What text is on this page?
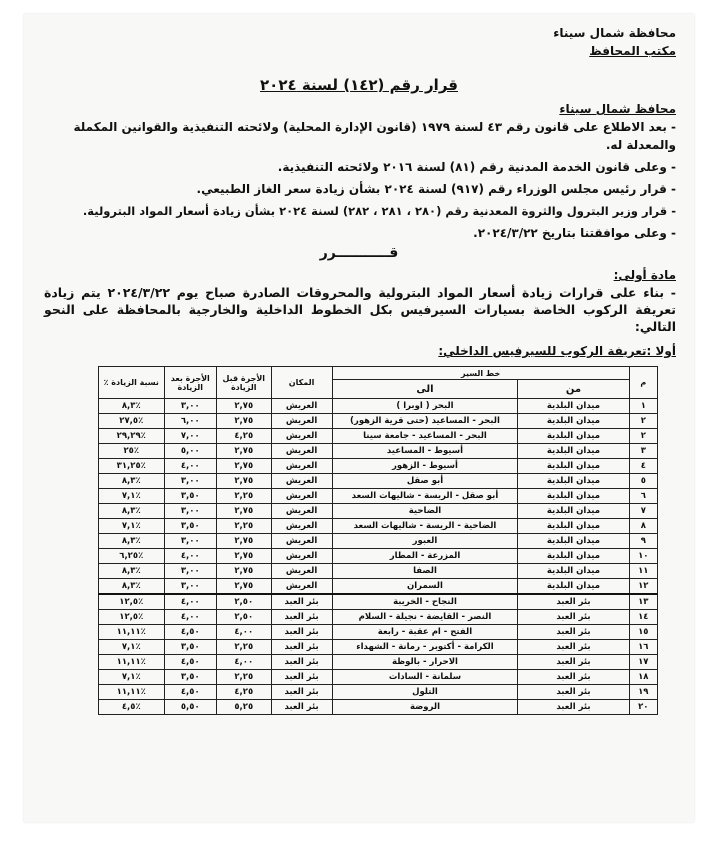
محافظة شمال سيناء
مكتب المحافظ
قرار رقم (١٤٢) لسنة ٢٠٢٤
محافظ شمال سيناء
- بعد الاطلاع على قانون رقم ٤٣ لسنة ١٩٧٩ (قانون الإدارة المحلية) ولائحته التنفيذية والقوانين المكملة
والمعدلة له.
- وعلى قانون الخدمة المدنية رقم (٨١) لسنة ٢٠١٦ ولائحته التنفيذية.
- قرار رئيس مجلس الوزراء رقم (٩١٧) لسنة ٢٠٢٤ بشأن زيادة سعر الغاز الطبيعي.
- قرار وزير البترول والثروة المعدنية رقم (٢٨٠ ، ٢٨١ ، ٢٨٢) لسنة ٢٠٢٤ بشأن زيادة أسعار المواد البترولية.
- وعلى موافقتنا بتاريخ ٢٠٢٤/٣/٢٢.
قـــــــــــرر
مادة أولى:
- بناء على قرارات زيادة أسعار المواد البترولية والمحروقات الصادرة صباح يوم ٢٠٢٤/٣/٢٢ يتم زيادة تعريفة الركوب الخاصة بسيارات السيرفيس بكل الخطوط الداخلية والخارجية بالمحافظة على النحو التالي:
أولا :تعريفة الركوب للسيرفيس الداخلي:
م	خط السير		المكان	الأجرة قبل الزيادة	الأجرة بعد الزيادة	نسبة الزيادة ٪
	من	الى				
١	ميدان البلدية	البحر ( اوبرا )	العريش	٢,٧٥	٣,٠٠	٪٨,٣
٢	ميدان البلدية	البحر - المساعيد (حتى قرية الزهور)	العريش	٢,٧٥	٦,٠٠	٪٢٧,٥
٢	ميدان البلدية	البحر - المساعيد - جامعة سينا	العريش	٤,٢٥	٧,٠٠	٪٢٩,٢٩
٣	ميدان البلدية	أسيوط - المساعيد	العريش	٢,٧٥	٥,٠٠	٪٢٥
٤	ميدان البلدية	أسيوط - الزهور	العريش	٢,٧٥	٤,٠٠	٪٣١,٢٥
٥	ميدان البلدية	أبو صقل	العريش	٢,٧٥	٣,٠٠	٪٨,٣
٦	ميدان البلدية	أبو صقل - الريسة - شاليهات السعد	العريش	٢,٢٥	٣,٥٠	٪٧,١
٧	ميدان البلدية	الضاحية	العريش	٢,٧٥	٣,٠٠	٪٨,٣
٨	ميدان البلدية	الضاحية - الريسة - شاليهات السعد	العريش	٢,٢٥	٣,٥٠	٪٧,١
٩	ميدان البلدية	العبور	العريش	٢,٧٥	٣,٠٠	٪٨,٣
١٠	ميدان البلدية	المزرعة - المطار	العريش	٢,٧٥	٤,٠٠	٪٦,٢٥
١١	ميدان البلدية	الصفا	العريش	٢,٧٥	٣,٠٠	٪٨,٣
١٢	ميدان البلدية	السمران	العريش	٢,٧٥	٣,٠٠	٪٨,٣
١٣	بئر العبد	النجاح - الخريبة	بئر العبد	٢,٥٠	٤,٠٠	٪١٢,٥
١٤	بئر العبد	النصر - القايضة - نجيلة - السلام	بئر العبد	٢,٥٠	٤,٠٠	٪١٢,٥
١٥	بئر العبد	الفتح - ام عقبة - رابعة	بئر العبد	٤,٠٠	٤,٥٠	٪١١,١١
١٦	بئر العبد	الكرامة - أكتوبر - رمانة - الشهداء	بئر العبد	٢,٢٥	٣,٥٠	٪٧,١
١٧	بئر العبد	الاحرار - بالوظة	بئر العبد	٤,٠٠	٤,٥٠	٪١١,١١
١٨	بئر العبد	سلمانة - السادات	بئر العبد	٢,٢٥	٣,٥٠	٪٧,١
١٩	بئر العبد	التلول	بئر العبد	٤,٢٥	٤,٥٠	٪١١,١١
٢٠	بئر العبد	الروضة	بئر العبد	٥,٢٥	٥,٥٠	٪٤,٥
